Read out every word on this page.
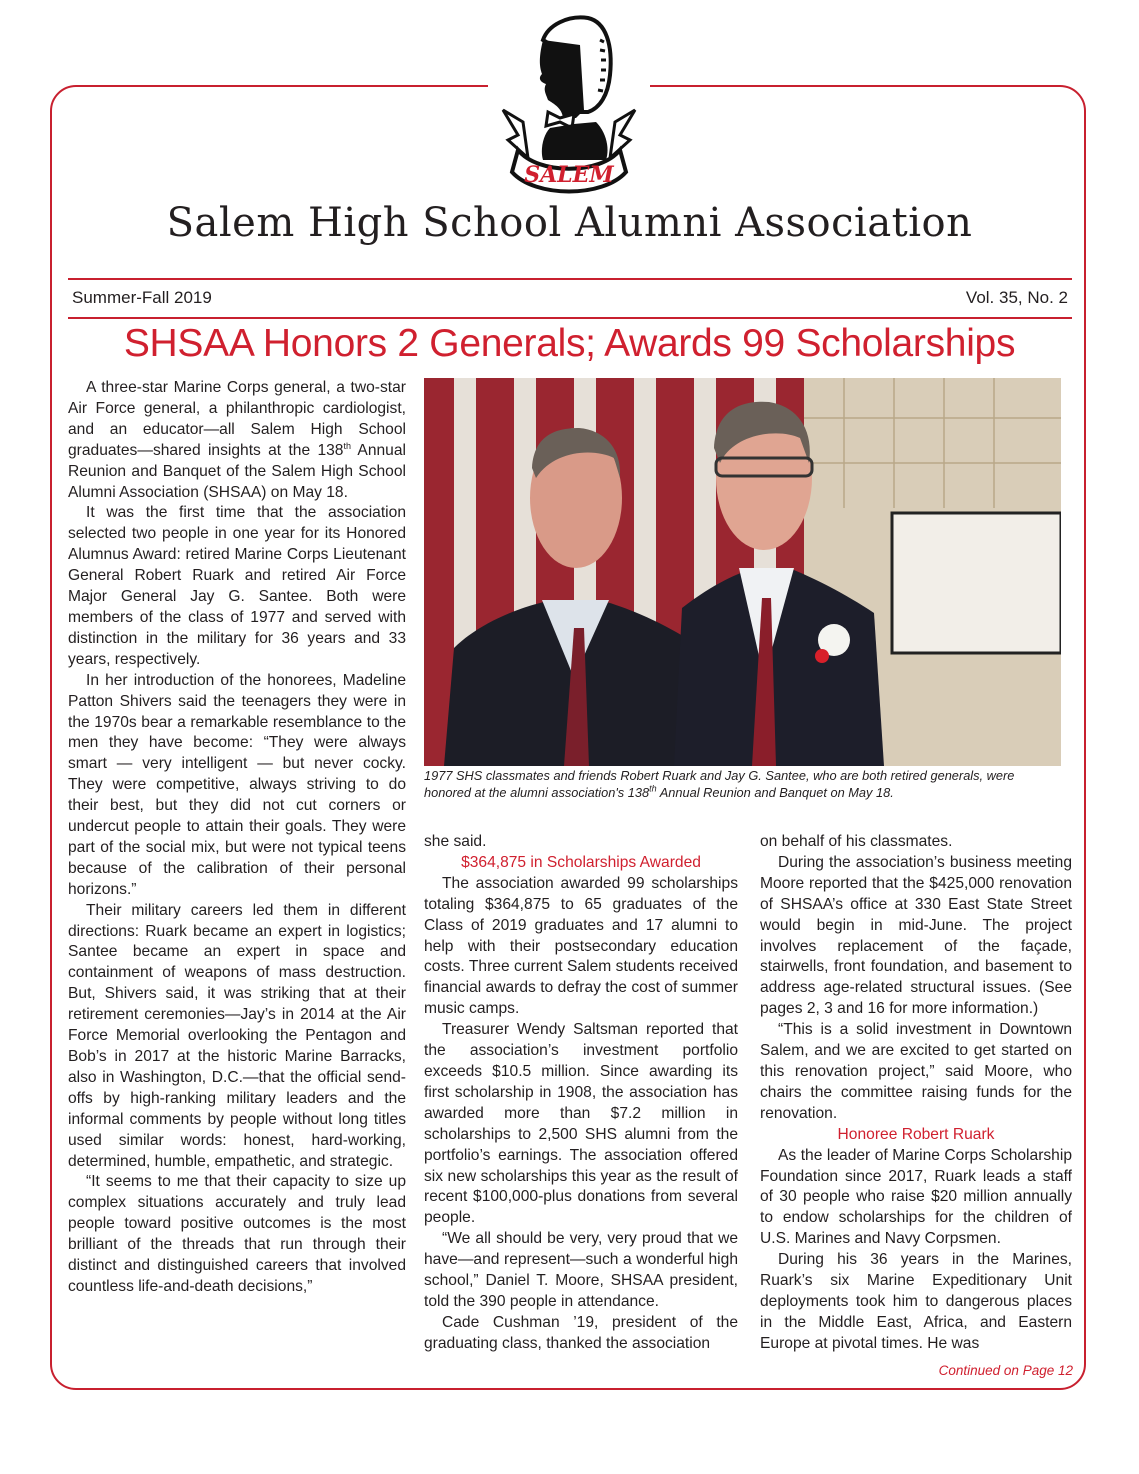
SALEM
Salem High School Alumni Association
Summer-Fall 2019	Vol. 35, No. 2
SHSAA Honors 2 Generals; Awards 99 Scholarships

A three-star Marine Corps general, a two-star Air Force general, a philanthropic cardiologist, and an educator—all Salem High School graduates—shared insights at the 138th Annual Reunion and Banquet of the Salem High School Alumni Association (SHSAA) on May 18.

It was the first time that the association selected two people in one year for its Honored Alumnus Award: retired Marine Corps Lieutenant General Robert Ruark and retired Air Force Major General Jay G. Santee. Both were members of the class of 1977 and served with distinction in the military for 36 years and 33 years, respectively.

In her introduction of the honorees, Madeline Patton Shivers said the teenagers they were in the 1970s bear a remarkable resemblance to the men they have become: “They were always smart — very intelligent — but never cocky. They were competitive, always striving to do their best, but they did not cut corners or undercut people to attain their goals. They were part of the social mix, but were not typical teens because of the calibration of their personal horizons.”

Their military careers led them in different directions: Ruark became an expert in logistics; Santee became an expert in space and containment of weapons of mass destruction. But, Shivers said, it was striking that at their retirement ceremonies—Jay’s in 2014 at the Air Force Memorial overlooking the Pentagon and Bob’s in 2017 at the historic Marine Barracks, also in Washington, D.C.—that the official send-offs by high-ranking military leaders and the informal comments by people without long titles used similar words: honest, hard-working, determined, humble, empathetic, and strategic.

“It seems to me that their capacity to size up complex situations accurately and truly lead people toward positive outcomes is the most brilliant of the threads that run through their distinct and distinguished careers that involved countless life-and-death decisions,”

1977 SHS classmates and friends Robert Ruark and Jay G. Santee, who are both retired generals, were
honored at the alumni association's 138th Annual Reunion and Banquet on May 18.

she said.

$364,875 in Scholarships Awarded

The association awarded 99 scholarships totaling $364,875 to 65 graduates of the Class of 2019 graduates and 17 alumni to help with their postsecondary education costs. Three current Salem students received financial awards to defray the cost of summer music camps.

Treasurer Wendy Saltsman reported that the association’s investment portfolio exceeds $10.5 million. Since awarding its first scholarship in 1908, the association has awarded more than $7.2 million in scholarships to 2,500 SHS alumni from the portfolio’s earnings. The association offered six new scholarships this year as the result of recent $100,000-plus donations from several people.

“We all should be very, very proud that we have—and represent—such a wonderful high school,” Daniel T. Moore, SHSAA president, told the 390 people in attendance.

Cade Cushman ’19, president of the graduating class, thanked the association

on behalf of his classmates.

During the association’s business meeting Moore reported that the $425,000 renovation of SHSAA’s office at 330 East State Street would begin in mid-June. The project involves replacement of the façade, stairwells, front foundation, and basement to address age-related structural issues. (See pages 2, 3 and 16 for more information.)

“This is a solid investment in Downtown Salem, and we are excited to get started on this renovation project,” said Moore, who chairs the committee raising funds for the renovation.

Honoree Robert Ruark

As the leader of Marine Corps Scholarship Foundation since 2017, Ruark leads a staff of 30 people who raise $20 million annually to endow scholarships for the children of U.S. Marines and Navy Corpsmen.

During his 36 years in the Marines, Ruark’s six Marine Expeditionary Unit deployments took him to dangerous places in the Middle East, Africa, and Eastern Europe at pivotal times. He was

Continued on Page 12
